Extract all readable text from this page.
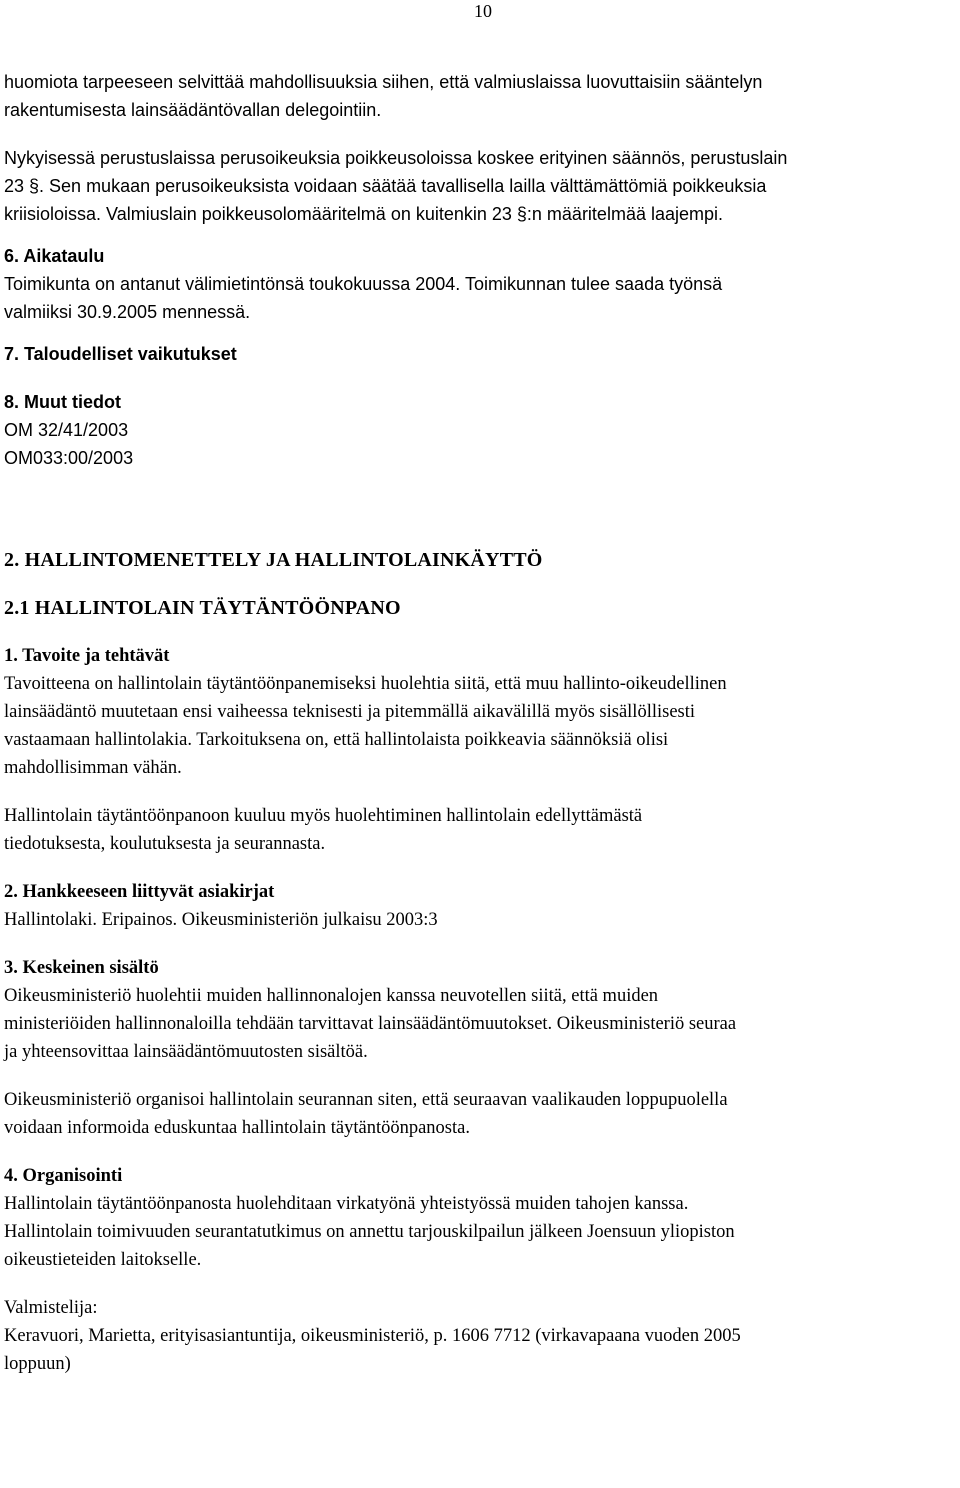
10

huomiota tarpeeseen selvittää mahdollisuuksia siihen, että valmiuslaissa luovuttaisiin sääntelyn
rakentumisesta lainsäädäntövallan delegointiin.

Nykyisessä perustuslaissa perusoikeuksia poikkeusoloissa koskee erityinen säännös, perustuslain
23 §. Sen mukaan perusoikeuksista voidaan säätää tavallisella lailla välttämättömiä poikkeuksia
kriisioloissa. Valmiuslain poikkeusolomääritelmä on kuitenkin 23 §:n määritelmää laajempi.

6. Aikataulu
Toimikunta on antanut välimietintönsä toukokuussa 2004. Toimikunnan tulee saada työnsä
valmiiksi 30.9.2005 mennessä.
7. Taloudelliset vaikutukset
8. Muut tiedot
OM 32/41/2003
OM033:00/2003
2. HALLINTOMENETTELY JA HALLINTOLAINKÄYTTÖ
2.1 HALLINTOLAIN TÄYTÄNTÖÖNPANO
1. Tavoite ja tehtävät
Tavoitteena on hallintolain täytäntöönpanemiseksi huolehtia siitä, että muu hallinto-oikeudellinen
lainsäädäntö muutetaan ensi vaiheessa teknisesti ja pitemmällä aikavälillä myös sisällöllisesti
vastaamaan hallintolakia. Tarkoituksena on, että hallintolaista poikkeavia säännöksiä olisi
mahdollisimman vähän.
Hallintolain täytäntöönpanoon kuuluu myös huolehtiminen hallintolain edellyttämästä
tiedotuksesta, koulutuksesta ja seurannasta.
2. Hankkeeseen liittyvät asiakirjat
Hallintolaki. Eripainos. Oikeusministeriön julkaisu 2003:3
3. Keskeinen sisältö
Oikeusministeriö huolehtii muiden hallinnonalojen kanssa neuvotellen siitä, että muiden
ministeriöiden hallinnonaloilla tehdään tarvittavat lainsäädäntömuutokset. Oikeusministeriö seuraa
ja yhteensovittaa lainsäädäntömuutosten sisältöä.
Oikeusministeriö organisoi hallintolain seurannan siten, että seuraavan vaalikauden loppupuolella
voidaan informoida eduskuntaa hallintolain täytäntöönpanosta.
4. Organisointi
Hallintolain täytäntöönpanosta huolehditaan virkatyönä yhteistyössä muiden tahojen kanssa.
Hallintolain toimivuuden seurantatutkimus on annettu tarjouskilpailun jälkeen Joensuun yliopiston
oikeustieteiden laitokselle.
Valmistelija:
Keravuori, Marietta, erityisasiantuntija, oikeusministeriö, p. 1606 7712 (virkavapaana vuoden 2005
loppuun)
